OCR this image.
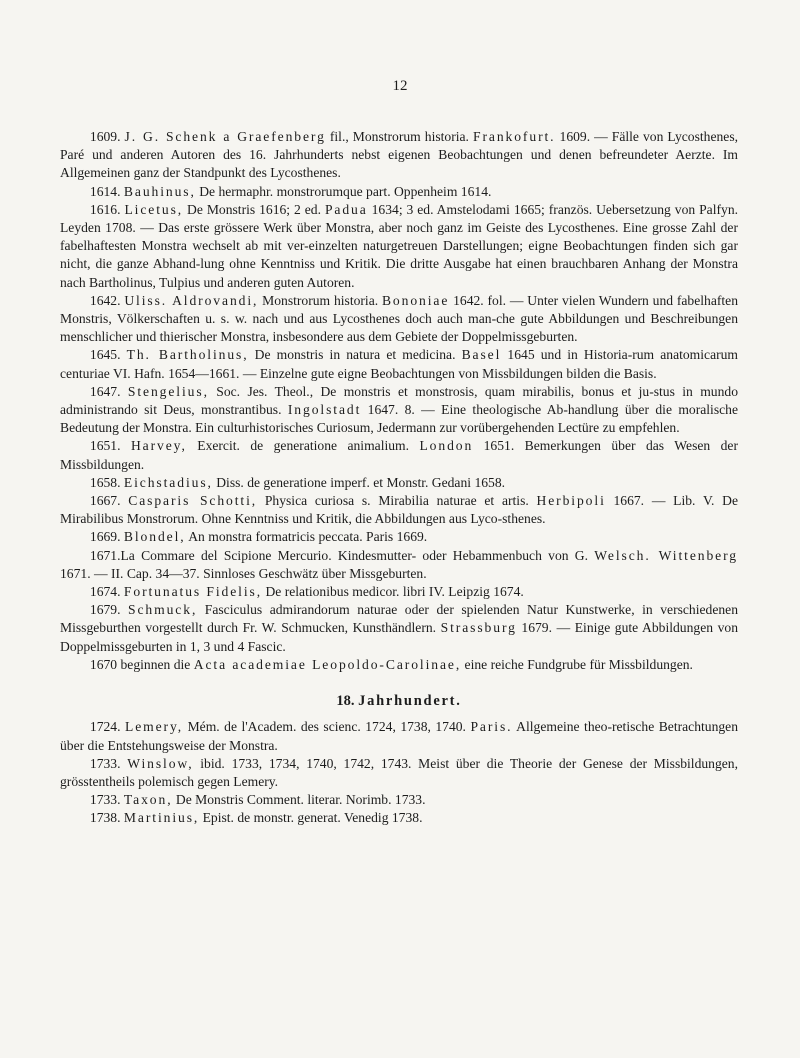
12

1609. J. G. Schenk a Graefenberg fil., Monstrorum historia. Frankofurt. 1609. — Fälle von Lycosthenes, Paré und anderen Autoren des 16. Jahrhunderts nebst eigenen Beobachtungen und denen befreundeter Aerzte. Im Allgemeinen ganz der Standpunkt des Lycosthenes.

1614. Bauhinus, De hermaphr. monstrorumque part. Oppenheim 1614.

1616. Licetus, De Monstris 1616; 2 ed. Padua 1634; 3 ed. Amstelodami 1665; französ. Uebersetzung von Palfyn. Leyden 1708. — Das erste grössere Werk über Monstra, aber noch ganz im Geiste des Lycosthenes. Eine grosse Zahl der fabelhaftesten Monstra wechselt ab mit ver-einzelten naturgetreuen Darstellungen; eigne Beobachtungen finden sich gar nicht, die ganze Abhand-lung ohne Kenntniss und Kritik. Die dritte Ausgabe hat einen brauchbaren Anhang der Monstra nach Bartholinus, Tulpius und anderen guten Autoren.

1642. Uliss. Aldrovandi, Monstrorum historia. Bononiae 1642. fol. — Unter vielen Wundern und fabelhaften Monstris, Völkerschaften u. s. w. nach und aus Lycosthenes doch auch man-che gute Abbildungen und Beschreibungen menschlicher und thierischer Monstra, insbesondere aus dem Gebiete der Doppelmissgeburten.

1645. Th. Bartholinus, De monstris in natura et medicina. Basel 1645 und in Historia-rum anatomicarum centuriae VI. Hafn. 1654—1661. — Einzelne gute eigne Beobachtungen von Missbildungen bilden die Basis.

1647. Stengelius, Soc. Jes. Theol., De monstris et monstrosis, quam mirabilis, bonus et ju-stus in mundo administrando sit Deus, monstrantibus. Ingolstadt 1647. 8. — Eine theologische Ab-handlung über die moralische Bedeutung der Monstra. Ein culturhistorisches Curiosum, Jedermann zur vorübergehenden Lectüre zu empfehlen.

1651. Harvey, Exercit. de generatione animalium. London 1651. Bemerkungen über das Wesen der Missbildungen.

1658. Eichstadius, Diss. de generatione imperf. et Monstr. Gedani 1658.

1667. Casparis Schotti, Physica curiosa s. Mirabilia naturae et artis. Herbipoli 1667. — Lib. V. De Mirabilibus Monstrorum. Ohne Kenntniss und Kritik, die Abbildungen aus Lyco-sthenes.

1669. Blondel, An monstra formatricis peccata. Paris 1669.

1671.La Commare del Scipione Mercurio. Kindesmutter- oder Hebammenbuch von G. Welsch. Wittenberg 1671. — II. Cap. 34—37. Sinnloses Geschwätz über Missgeburten.

1674. Fortunatus Fidelis, De relationibus medicor. libri IV. Leipzig 1674.

1679. Schmuck, Fasciculus admirandorum naturae oder der spielenden Natur Kunstwerke, in verschiedenen Missgeburthen vorgestellt durch Fr. W. Schmucken, Kunsthändlern. Strassburg 1679. — Einige gute Abbildungen von Doppelmissgeburten in 1, 3 und 4 Fascic.

1670 beginnen die Acta academiae Leopoldo-Carolinae, eine reiche Fundgrube für Missbildungen.

18. Jahrhundert.

1724. Lemery, Mém. de l'Academ. des scienc. 1724, 1738, 1740. Paris. Allgemeine theo-retische Betrachtungen über die Entstehungsweise der Monstra.

1733. Winslow, ibid. 1733, 1734, 1740, 1742, 1743. Meist über die Theorie der Genese der Missbildungen, grösstentheils polemisch gegen Lemery.

1733. Taxon, De Monstris Comment. literar. Norimb. 1733.

1738. Martinius, Epist. de monstr. generat. Venedig 1738.
